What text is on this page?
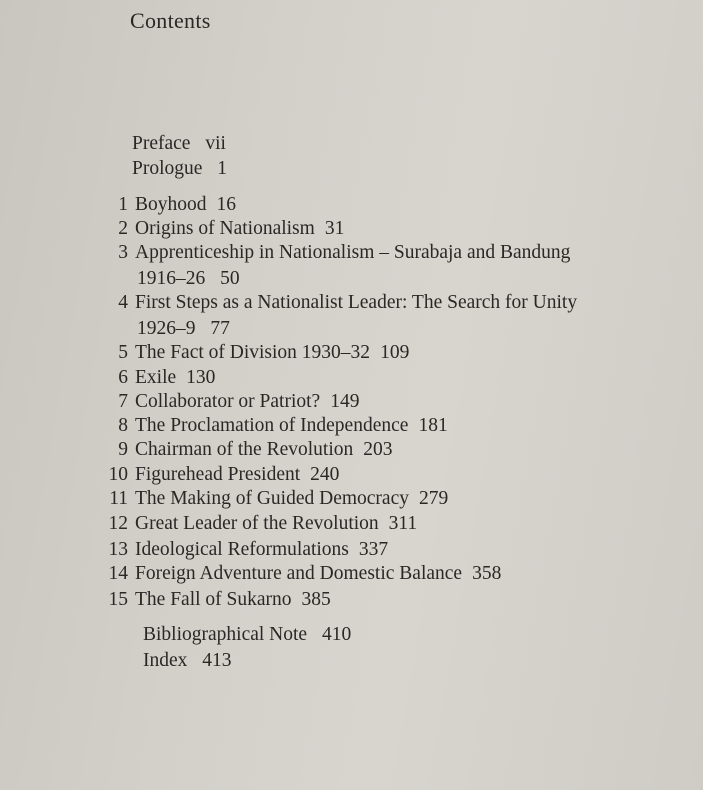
Contents
Preface vii
Prologue 1
1 Boyhood 16
2 Origins of Nationalism 31
3 Apprenticeship in Nationalism – Surabaja and Bandung
1916–26 50
4 First Steps as a Nationalist Leader: The Search for Unity
1926–9 77
5 The Fact of Division 1930–32 109
6 Exile 130
7 Collaborator or Patriot? 149
8 The Proclamation of Independence 181
9 Chairman of the Revolution 203
10 Figurehead President 240
11 The Making of Guided Democracy 279
12 Great Leader of the Revolution 311
13 Ideological Reformulations 337
14 Foreign Adventure and Domestic Balance 358
15 The Fall of Sukarno 385
Bibliographical Note 410
Index 413
